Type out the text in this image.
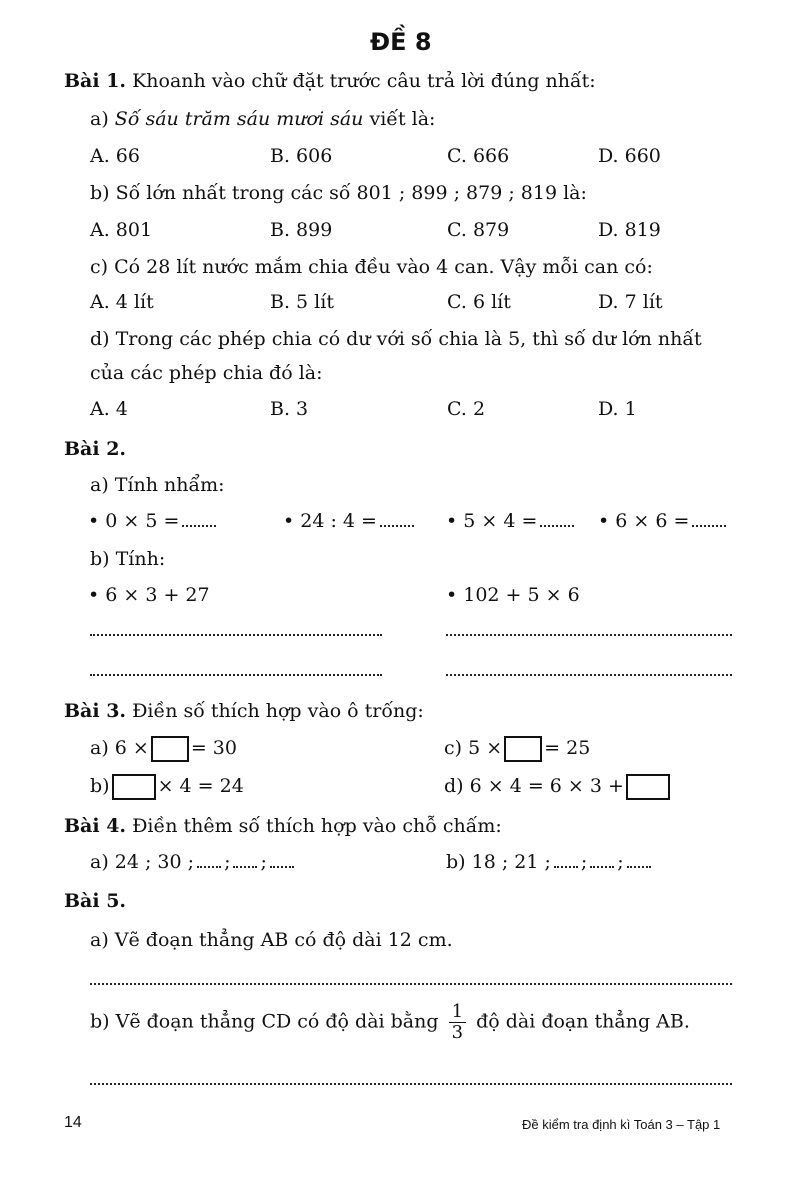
ĐỀ 8
Bài 1. Khoanh vào chữ đặt trước câu trả lời đúng nhất:
a) Số sáu trăm sáu mươi sáu viết là:
A. 66	B. 606	C. 666	D. 660
b) Số lớn nhất trong các số 801 ; 899 ; 879 ; 819 là:
A. 801	B. 899	C. 879	D. 819
c) Có 28 lít nước mắm chia đều vào 4 can. Vậy mỗi can có:
A. 4 lít	B. 5 lít	C. 6 lít	D. 7 lít
d) Trong các phép chia có dư với số chia là 5, thì số dư lớn nhất
của các phép chia đó là:
A. 4	B. 3	C. 2	D. 1
Bài 2.
a) Tính nhẩm:
• 0 × 5 =	• 24 : 4 =	• 5 × 4 =	• 6 × 6 =
b) Tính:
• 6 × 3 + 27	• 102 + 5 × 6
Bài 3. Điền số thích hợp vào ô trống:
a) 6 × = 30	c) 5 × = 25
b)	× 4 = 24	d) 6 × 4 = 6 × 3 +
Bài 4. Điền thêm số thích hợp vào chỗ chấm:
a) 24 ; 30 ; ; ;	b) 18 ; 21 ; ; ;
Bài 5.
a) Vẽ đoạn thẳng AB có độ dài 12 cm.
b) Vẽ đoạn thẳng CD có độ dài bằng $\frac{1}{3}$ độ dài đoạn thẳng AB.
14	Đề kiểm tra định kì Toán 3 – Tập 1
